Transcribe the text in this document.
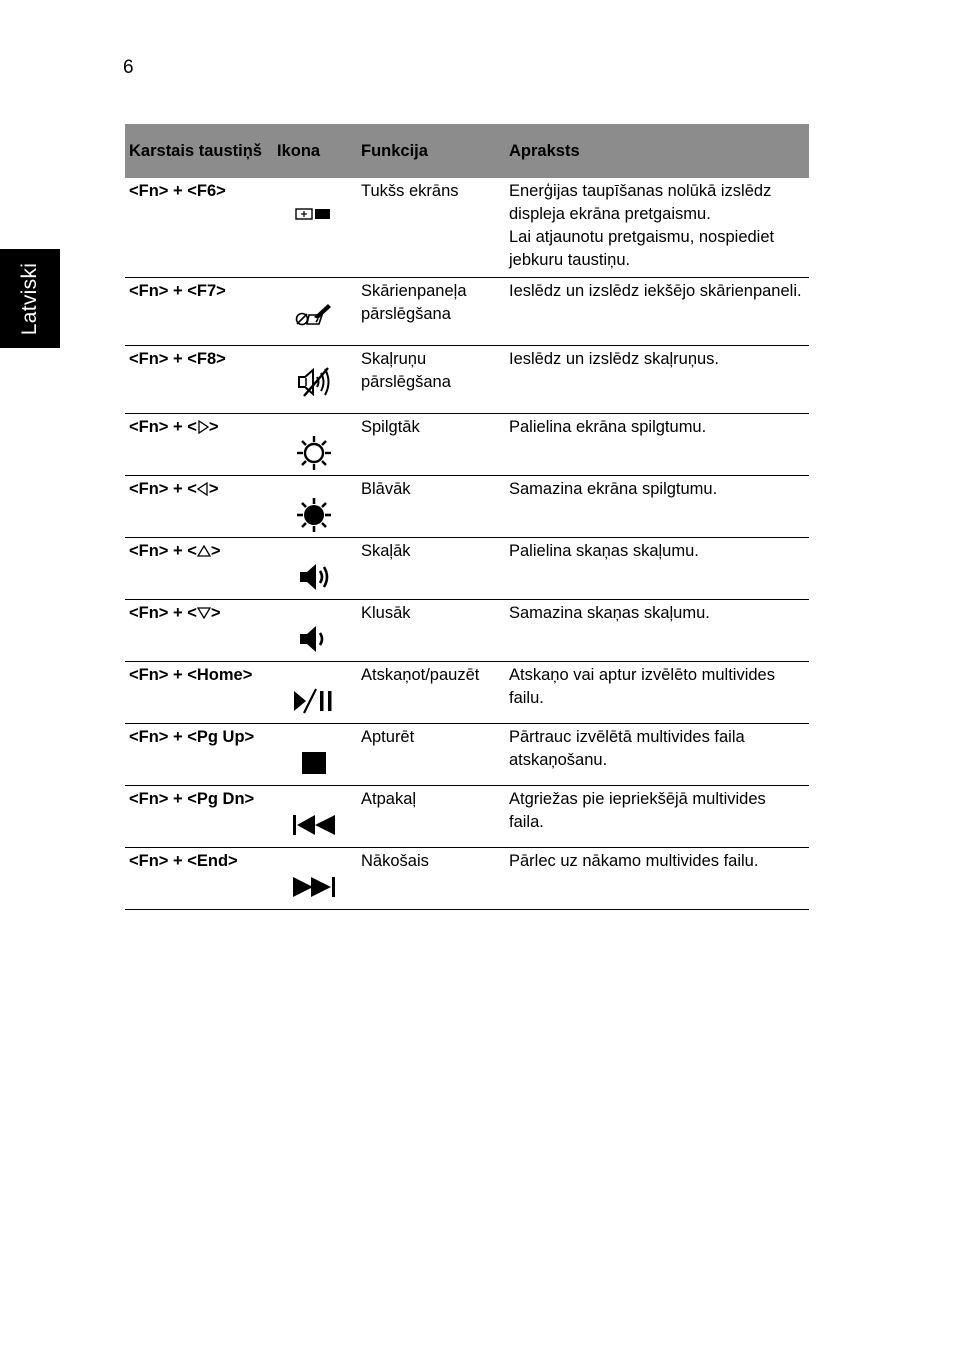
6
Latviski
Karstais taustiņš	Ikona	Funkcija	Apraksts
<Fn> + <F6>		Tukšs ekrāns	Enerģijas taupīšanas nolūkā izslēdz displeja ekrāna pretgaismu.
Lai atjaunotu pretgaismu, nospiediet jebkuru taustiņu.

<Fn> + <F7>		Skārienpaneļa pārslēgšana	Ieslēdz un izslēdz iekšējo skārienpaneli.
<Fn> + <F8>		Skaļruņu pārslēgšana	Ieslēdz un izslēdz skaļruņus.
<Fn> + < >		Spilgtāk	Palielina ekrāna spilgtumu.
<Fn> + < >		Blāvāk	Samazina ekrāna spilgtumu.
<Fn> + < >		Skaļāk	Palielina skaņas skaļumu.
<Fn> + < >		Klusāk	Samazina skaņas skaļumu.
<Fn> + <Home>		Atskaņot/pauzēt	Atskaņo vai aptur izvēlēto multivides failu.
<Fn> + <Pg Up>		Apturēt	Pārtrauc izvēlētā multivides faila atskaņošanu.
<Fn> + <Pg Dn>		Atpakaļ	Atgriežas pie iepriekšējā multivides faila.
<Fn> + <End>		Nākošais	Pārlec uz nākamo multivides failu.
